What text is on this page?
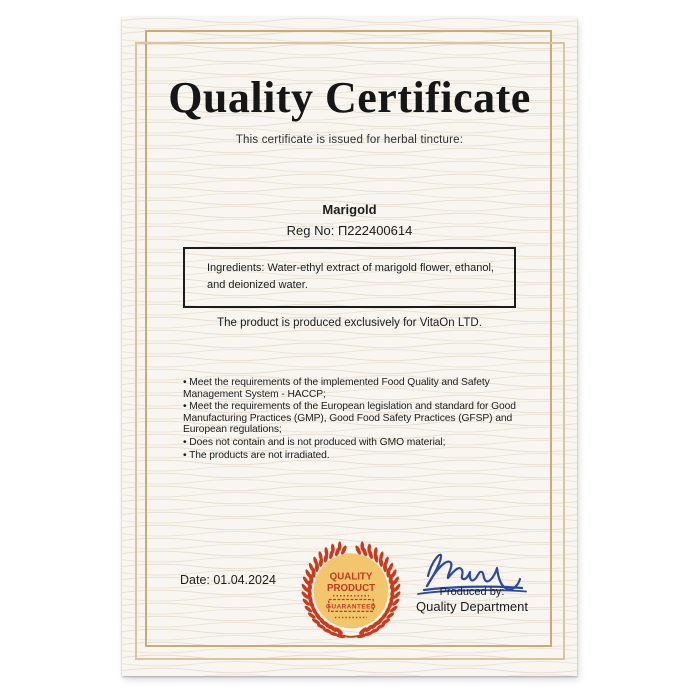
Quality Certificate
This certificate is issued for herbal tincture:
Marigold
Reg No: П222400614
Ingredients: Water-ethyl extract of marigold flower, ethanol, and deionized water.
The product is produced exclusively for VitaOn LTD.
• Meet the requirements of the implemented Food Quality and Safety Management System - HACCP;
• Meet the requirements of the European legislation and standard for Good Manufacturing Practices (GMP), Good Food Safety Practices (GFSP) and European regulations;
• Does not contain and is not produced with GMO material;
• The products are not irradiated.
Date: 01.04.2024	QUALITY
PRODUCT
GUARANTEED

Produced by:

Quality Department
